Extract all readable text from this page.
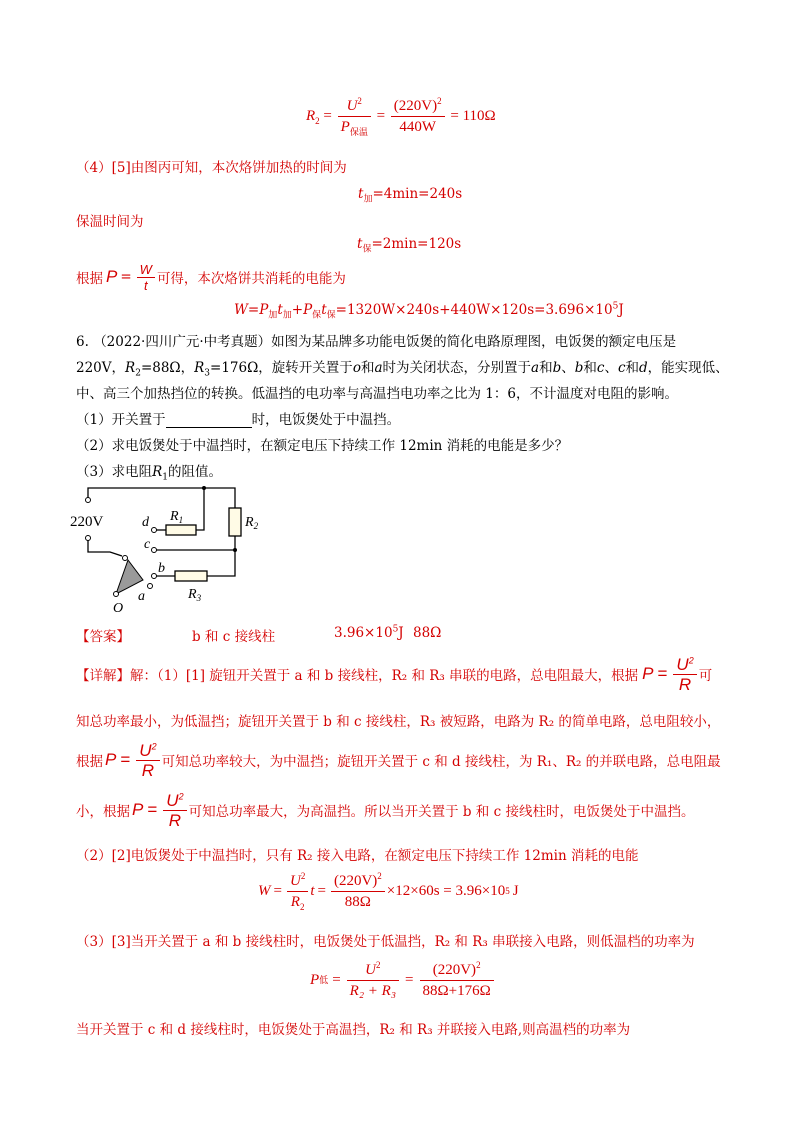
$R_2 = \frac{U^2}{P_{保温}} = \frac{(220V)^2}{440W} = 110\Omega$
（4）[5]由图丙可知，本次烙饼加热的时间为
$t_加=4\min=240s$
保温时间为
$t_保=2\min=120s$
根据 $P = \frac{W}{t}$ 可得，本次烙饼共消耗的电能为
$W=P_加t_加+P_保t_保=1320W\times 240s+440W\times 120s=3.696\times 10^5J$
6. （2022·四川广元·中考真题）如图为某品牌多功能电饭煲的简化电路原理图，电饭煲的额定电压是
220V，$R_2=88\Omega$，$R_3=176\Omega$，旋转开关置于o和a时为关闭状态，分别置于a和b、b和c、c和d，能实现低、
中、高三个加热挡位的转换。低温挡的电功率与高温挡电功率之比为 1：6，不计温度对电阻的影响。
（1）开关置于	时，电饭煲处于中温挡。
（2）求电饭煲处于中温挡时，在额定电压下持续工作 12min 消耗的电能是多少？
（3）求电阻$R_1$的阻值。
220V	$R_1$	$R_2$
$R_3$
d
c
b
a
O
【答案】	b 和 c 接线柱	$3.96\times 10^5J$ 88Ω
【详解】 解：（1）[1] 旋钮开关置于 a 和 b 接线柱，R₂ 和 R₃ 串联的电路，总电阻最大，根据 $P = \frac{U^2}{R}$ 可
知总功率最小，为低温挡；旋钮开关置于 b 和 c 接线柱，R₃ 被短路，电路为 R₂ 的简单电路，总电阻较小，
根据 $P = \frac{U^2}{R}$ 可知总功率较大，为中温挡；旋钮开关置于 c 和 d 接线柱，为 R₁、R₂ 的并联电路，总电阻最
小，根据 $P = \frac{U^2}{R}$ 可知总功率最大，为高温挡。所以当开关置于 b 和 c 接线柱时，电饭煲处于中温挡。
（2）[2]电饭煲处于中温挡时，只有 R₂ 接入电路，在额定电压下持续工作 12min 消耗的电能
$W = \frac{U^2}{R_2}$ $t = \frac{(220V)^2}{88\Omega} \times 12\times 60s = 3.96\times 10$ 5 J
（3）[3]当开关置于 a 和 b 接线柱时，电饭煲处于低温挡，R₂ 和 R₃ 串联接入电路，则低温档的功率为
P 低 = $\frac{U^2}{\text{R₂ + R₃}} = \frac{(220V)^2}{88\Omega+176\Omega}$
当开关置于 c 和 d 接线柱时，电饭煲处于高温挡，R₂ 和 R₃ 并联接入电路,则高温档的功率为
